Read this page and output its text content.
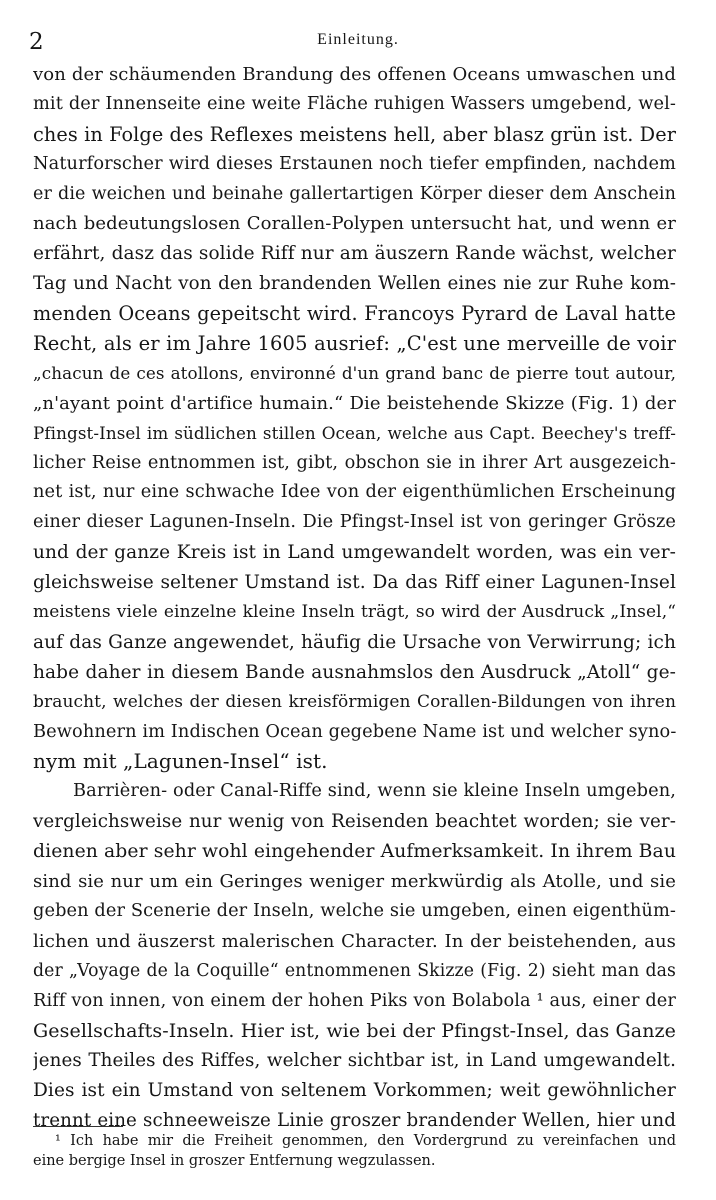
2	Einleitung.
von der schäumenden Brandung des offenen Oceans umwaschen und
mit der Innenseite eine weite Fläche ruhigen Wassers umgebend, wel-
ches in Folge des Reflexes meistens hell, aber blasz grün ist. Der
Naturforscher wird dieses Erstaunen noch tiefer empfinden, nachdem
er die weichen und beinahe gallertartigen Körper dieser dem Anschein
nach bedeutungslosen Corallen-Polypen untersucht hat, und wenn er
erfährt, dasz das solide Riff nur am äuszern Rande wächst, welcher
Tag und Nacht von den brandenden Wellen eines nie zur Ruhe kom-
menden Oceans gepeitscht wird. Francoys Pyrard de Laval hatte
Recht, als er im Jahre 1605 ausrief: „C'est une merveille de voir
„chacun de ces atollons, environné d'un grand banc de pierre tout autour,
„n'ayant point d'artifice humain.“ Die beistehende Skizze (Fig. 1) der
Pfingst-Insel im südlichen stillen Ocean, welche aus Capt. Beechey's treff-
licher Reise entnommen ist, gibt, obschon sie in ihrer Art ausgezeich-
net ist, nur eine schwache Idee von der eigenthümlichen Erscheinung
einer dieser Lagunen-Inseln. Die Pfingst-Insel ist von geringer Grösze
und der ganze Kreis ist in Land umgewandelt worden, was ein ver-
gleichsweise seltener Umstand ist. Da das Riff einer Lagunen-Insel
meistens viele einzelne kleine Inseln trägt, so wird der Ausdruck „Insel,“
auf das Ganze angewendet, häufig die Ursache von Verwirrung; ich
habe daher in diesem Bande ausnahmslos den Ausdruck „Atoll“ ge-
braucht, welches der diesen kreisförmigen Corallen-Bildungen von ihren
Bewohnern im Indischen Ocean gegebene Name ist und welcher syno-
nym mit „Lagunen-Insel“ ist.
Barrièren- oder Canal-Riffe sind, wenn sie kleine Inseln umgeben,
vergleichsweise nur wenig von Reisenden beachtet worden; sie ver-
dienen aber sehr wohl eingehender Aufmerksamkeit. In ihrem Bau
sind sie nur um ein Geringes weniger merkwürdig als Atolle, und sie
geben der Scenerie der Inseln, welche sie umgeben, einen eigenthüm-
lichen und äuszerst malerischen Character. In der beistehenden, aus
der „Voyage de la Coquille“ entnommenen Skizze (Fig. 2) sieht man das
Riff von innen, von einem der hohen Piks von Bolabola ¹ aus, einer der
Gesellschafts-Inseln. Hier ist, wie bei der Pfingst-Insel, das Ganze
jenes Theiles des Riffes, welcher sichtbar ist, in Land umgewandelt.
Dies ist ein Umstand von seltenem Vorkommen; weit gewöhnlicher
trennt eine schneeweisze Linie groszer brandender Wellen, hier und
¹ Ich habe mir die Freiheit genommen, den Vordergrund zu vereinfachen und
eine bergige Insel in groszer Entfernung wegzulassen.
